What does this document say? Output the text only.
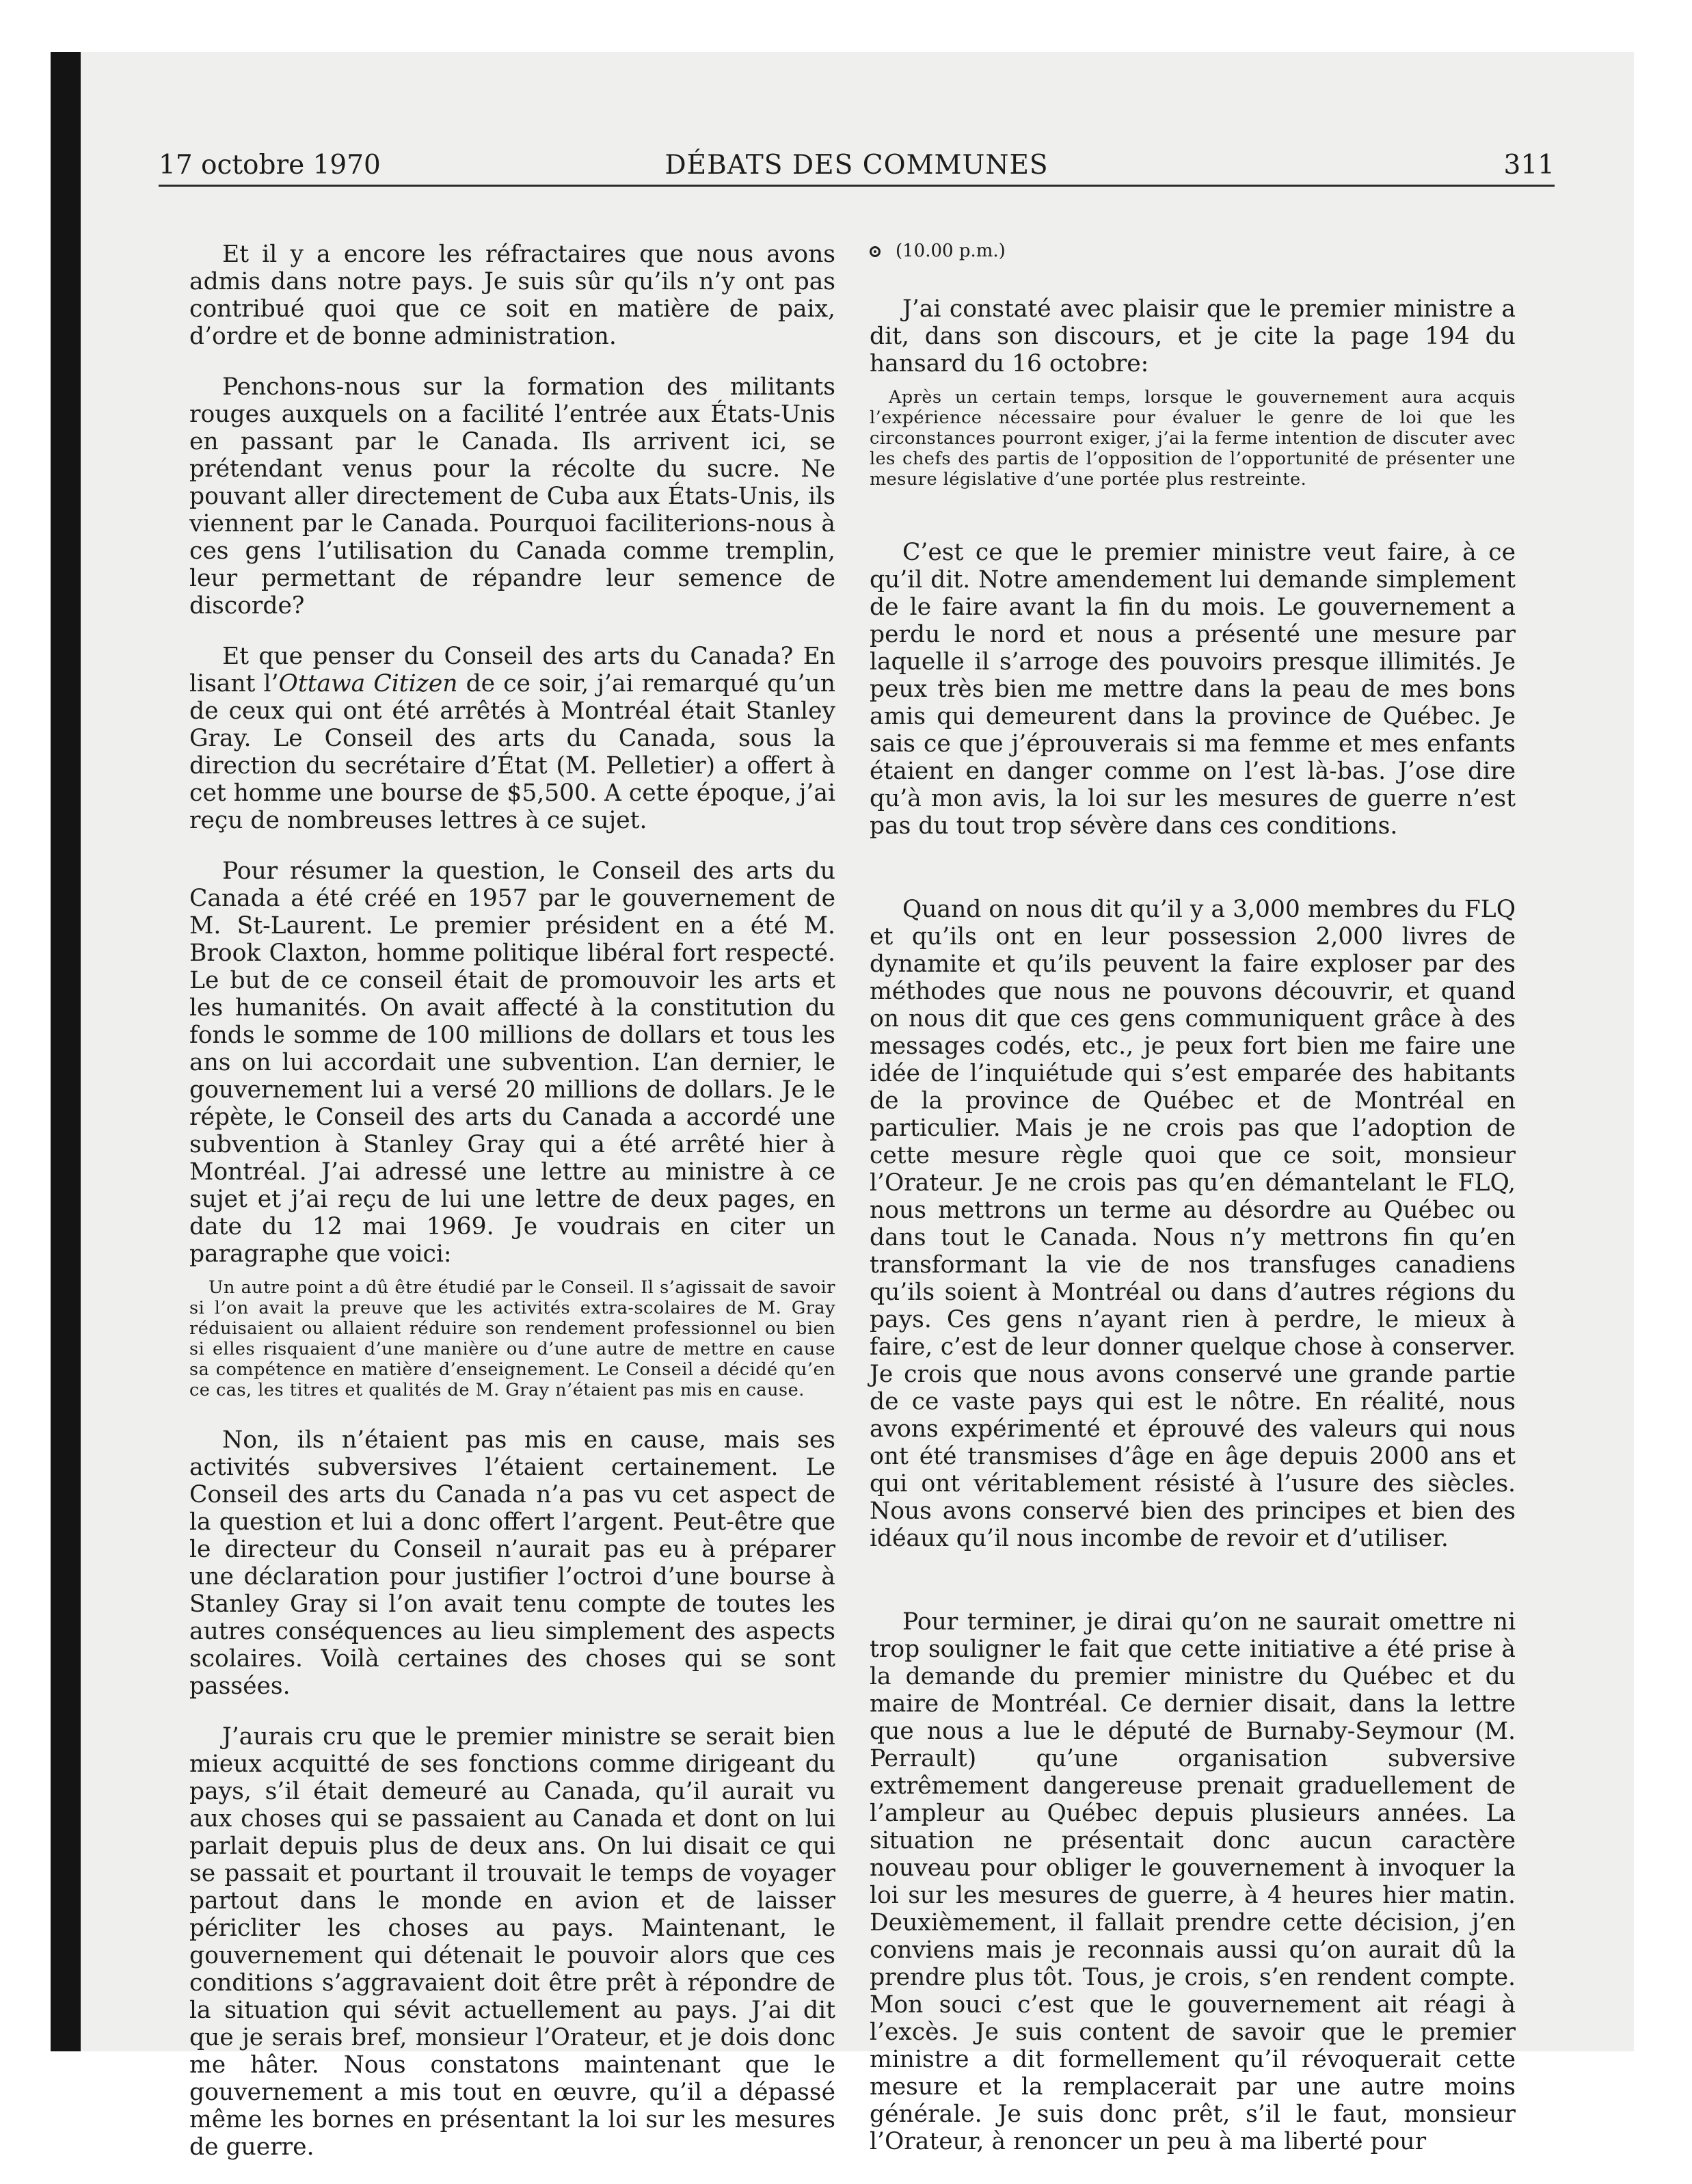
17 octobre 1970	DÉBATS DES COMMUNES	311

Et il y a encore les réfractaires que nous avons admis dans notre pays. Je suis sûr qu’ils n’y ont pas contribué quoi que ce soit en matière de paix, d’ordre et de bonne administration.

Penchons-nous sur la formation des militants rouges auxquels on a facilité l’entrée aux États-Unis en passant par le Canada. Ils arrivent ici, se prétendant venus pour la récolte du sucre. Ne pouvant aller directement de Cuba aux États-Unis, ils viennent par le Canada. Pourquoi faciliterions-nous à ces gens l’utilisation du Canada comme tremplin, leur permettant de répandre leur semence de discorde?

Et que penser du Conseil des arts du Canada? En lisant l’Ottawa Citizen de ce soir, j’ai remarqué qu’un de ceux qui ont été arrêtés à Montréal était Stanley Gray. Le Conseil des arts du Canada, sous la direction du secrétaire d’État (M. Pelletier) a offert à cet homme une bourse de $5,500. A cette époque, j’ai reçu de nombreuses lettres à ce sujet.

Pour résumer la question, le Conseil des arts du Canada a été créé en 1957 par le gouvernement de M. St-Laurent. Le premier président en a été M. Brook Claxton, homme politique libéral fort respecté. Le but de ce conseil était de promouvoir les arts et les humanités. On avait affecté à la constitution du fonds le somme de 100 millions de dollars et tous les ans on lui accordait une subvention. L’an dernier, le gouvernement lui a versé 20 millions de dollars. Je le répète, le Conseil des arts du Canada a accordé une subvention à Stanley Gray qui a été arrêté hier à Montréal. J’ai adressé une lettre au ministre à ce sujet et j’ai reçu de lui une lettre de deux pages, en date du 12 mai 1969. Je voudrais en citer un paragraphe que voici:

Un autre point a dû être étudié par le Conseil. Il s’agissait de savoir si l’on avait la preuve que les activités extra-scolaires de M. Gray réduisaient ou allaient réduire son rendement professionnel ou bien si elles risquaient d’une manière ou d’une autre de mettre en cause sa compétence en matière d’enseignement. Le Conseil a décidé qu’en ce cas, les titres et qualités de M. Gray n’étaient pas mis en cause.

Non, ils n’étaient pas mis en cause, mais ses activités subversives l’étaient certainement. Le Conseil des arts du Canada n’a pas vu cet aspect de la question et lui a donc offert l’argent. Peut-être que le directeur du Conseil n’aurait pas eu à préparer une déclaration pour justifier l’octroi d’une bourse à Stanley Gray si l’on avait tenu compte de toutes les autres conséquences au lieu simplement des aspects scolaires. Voilà certaines des choses qui se sont passées.

J’aurais cru que le premier ministre se serait bien mieux acquitté de ses fonctions comme dirigeant du pays, s’il était demeuré au Canada, qu’il aurait vu aux choses qui se passaient au Canada et dont on lui parlait depuis plus de deux ans. On lui disait ce qui se passait et pourtant il trouvait le temps de voyager partout dans le monde en avion et de laisser péricliter les choses au pays. Maintenant, le gouvernement qui détenait le pouvoir alors que ces conditions s’aggravaient doit être prêt à répondre de la situation qui sévit actuellement au pays. J’ai dit que je serais bref, monsieur l’Orateur, et je dois donc me hâter. Nous constatons maintenant que le gouvernement a mis tout en œuvre, qu’il a dépassé même les bornes en présentant la loi sur les mesures de guerre.

(10.00 p.m.)

J’ai constaté avec plaisir que le premier ministre a dit, dans son discours, et je cite la page 194 du hansard du 16 octobre:

Après un certain temps, lorsque le gouvernement aura acquis l’expérience nécessaire pour évaluer le genre de loi que les circonstances pourront exiger, j’ai la ferme intention de discuter avec les chefs des partis de l’opposition de l’opportunité de présenter une mesure législative d’une portée plus restreinte.

C’est ce que le premier ministre veut faire, à ce qu’il dit. Notre amendement lui demande simplement de le faire avant la fin du mois. Le gouvernement a perdu le nord et nous a présenté une mesure par laquelle il s’arroge des pouvoirs presque illimités. Je peux très bien me mettre dans la peau de mes bons amis qui demeurent dans la province de Québec. Je sais ce que j’éprouverais si ma femme et mes enfants étaient en danger comme on l’est là-bas. J’ose dire qu’à mon avis, la loi sur les mesures de guerre n’est pas du tout trop sévère dans ces conditions.

Quand on nous dit qu’il y a 3,000 membres du FLQ et qu’ils ont en leur possession 2,000 livres de dynamite et qu’ils peuvent la faire exploser par des méthodes que nous ne pouvons découvrir, et quand on nous dit que ces gens communiquent grâce à des messages codés, etc., je peux fort bien me faire une idée de l’inquiétude qui s’est emparée des habitants de la province de Québec et de Montréal en particulier. Mais je ne crois pas que l’adoption de cette mesure règle quoi que ce soit, monsieur l’Orateur. Je ne crois pas qu’en démantelant le FLQ, nous mettrons un terme au désordre au Québec ou dans tout le Canada. Nous n’y mettrons fin qu’en transformant la vie de nos transfuges canadiens qu’ils soient à Montréal ou dans d’autres régions du pays. Ces gens n’ayant rien à perdre, le mieux à faire, c’est de leur donner quelque chose à conserver. Je crois que nous avons conservé une grande partie de ce vaste pays qui est le nôtre. En réalité, nous avons expérimenté et éprouvé des valeurs qui nous ont été transmises d’âge en âge depuis 2000 ans et qui ont véritablement résisté à l’usure des siècles. Nous avons conservé bien des principes et bien des idéaux qu’il nous incombe de revoir et d’utiliser.

Pour terminer, je dirai qu’on ne saurait omettre ni trop souligner le fait que cette initiative a été prise à la demande du premier ministre du Québec et du maire de Montréal. Ce dernier disait, dans la lettre que nous a lue le député de Burnaby-Seymour (M. Perrault) qu’une organisation subversive extrêmement dangereuse prenait graduellement de l’ampleur au Québec depuis plusieurs années. La situation ne présentait donc aucun caractère nouveau pour obliger le gouvernement à invoquer la loi sur les mesures de guerre, à 4 heures hier matin. Deuxièmement, il fallait prendre cette décision, j’en conviens mais je reconnais aussi qu’on aurait dû la prendre plus tôt. Tous, je crois, s’en rendent compte. Mon souci c’est que le gouvernement ait réagi à l’excès. Je suis content de savoir que le premier ministre a dit formellement qu’il révoquerait cette mesure et la remplacerait par une autre moins générale. Je suis donc prêt, s’il le faut, monsieur l’Orateur, à renoncer un peu à ma liberté pour
